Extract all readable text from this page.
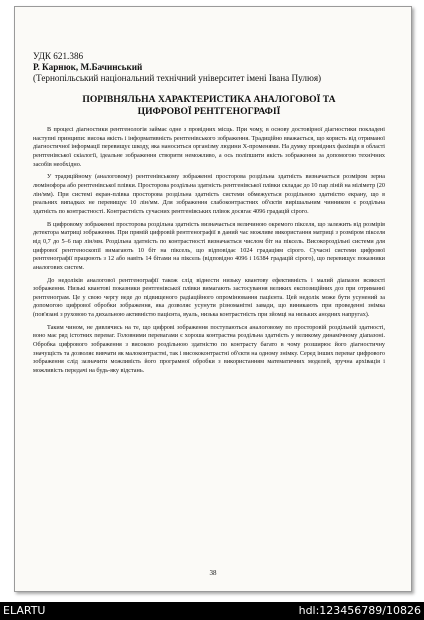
УДК 621.386
Р. Карнюк, М.Бачинський
(Тернопільський національний технічний університет імені Івана Пулюя)
ПОРІВНЯЛЬНА ХАРАКТЕРИСТИКА АНАЛОГОВОЇ ТА ЦИФРОВОЇ РЕНТГЕНОГРАФІЇ

В процесі діагностики рентгенологія займає одне з провідних місць. При чому, в основу достовірної діагностики покладені наступні принципи: висока якість і інформативність рентгенівського зображення. Традиційно вважається, що користь від отриманої діагностичної інформації перевищує шкоду, яка наноситься організму людини X-променями. На думку провідних фахівців в області рентгенівської скіалогії, ідеальне зображення створити неможливо, а ось поліпшити якість зображення за допомогою технічних засобів необхідно.

У традиційному (аналоговому) рентгенівському зображенні просторова роздільна здатність визначається розміром зерна люмінофора або рентгенівської плівки. Просторова роздільна здатність рентгенівської плівки складає до 10 пар ліній на міліметр (20 лін/мм). При системі екран-плівка просторова роздільна здатність системи обмежується роздільною здатністю екрану, що в реальних випадках не перевищує 10 лін/мм. Для зображення слабоконтрастних об'єктів вирішальним чинником є роздільна здатність по контрастності. Контрастність сучасних рентгенівських плівок досягає 4096 градацій сірого.

В цифровому зображенні просторова роздільна здатність визначається величиною окремого пікселя, що залежить від розмірів детектора матриці зображення. При прямій цифровій рентгенографії в даний час можливе використання матриці з розміром пікселя від 0,7 до 5–6 пар лін/мм. Роздільна здатність по контрастності визначається числом біт на піксель. Високороздільні системи для цифрової рентгеноскопії вимагають 10 біт на піксель, що відповідає 1024 градаціям сірого. Сучасні системи цифрової рентгенографії працюють з 12 або навіть 14 бітами на піксель (відповідно 4096 і 16384 градацій сірого), що перевищує показники аналогових систем.

До недоліків аналогової рентгенографії також слід віднести низьку квантову ефективність і малий діапазон всякості зображення. Низькі квантові показники рентгенівської плівки вимагають застосування великих експозиційних доз при отриманні рентгенограм. Це у свою чергу веде до підвищеного радіаційного опромінювання пацієнта. Цей недолік може бути усунений за допомогою цифрової обробки зображення, яка дозволяє усунути різноманітні завади, що виникають при проведенні знімка (пов'язані з руховою та дихальною активністю пацієнта, вуаль, низька контрастність при зйомці на низьких анодних напругах).

Таким чином, не дивлячись на те, що цифрові зображення поступаються аналоговому по просторовій роздільній здатності, воно має ряд істотних переваг. Головними перевагами є хороша контрастна роздільна здатність у великому динамічному діапазоні. Обробка цифрового зображення з високою роздільною здатністю по контрасту багато в чому розширює його діагностичну значущість та дозволяє вивчати як малоконтрастні, так і висококонтрастні об'єкти на одному знімку. Серед інших переваг цифрового зображення слід зазначити можливість його програмної обробки з використанням математичних моделей, зручна архівація і можливість передачі на будь-яку відстань.

38
ELARTU	hdl:123456789/10826
